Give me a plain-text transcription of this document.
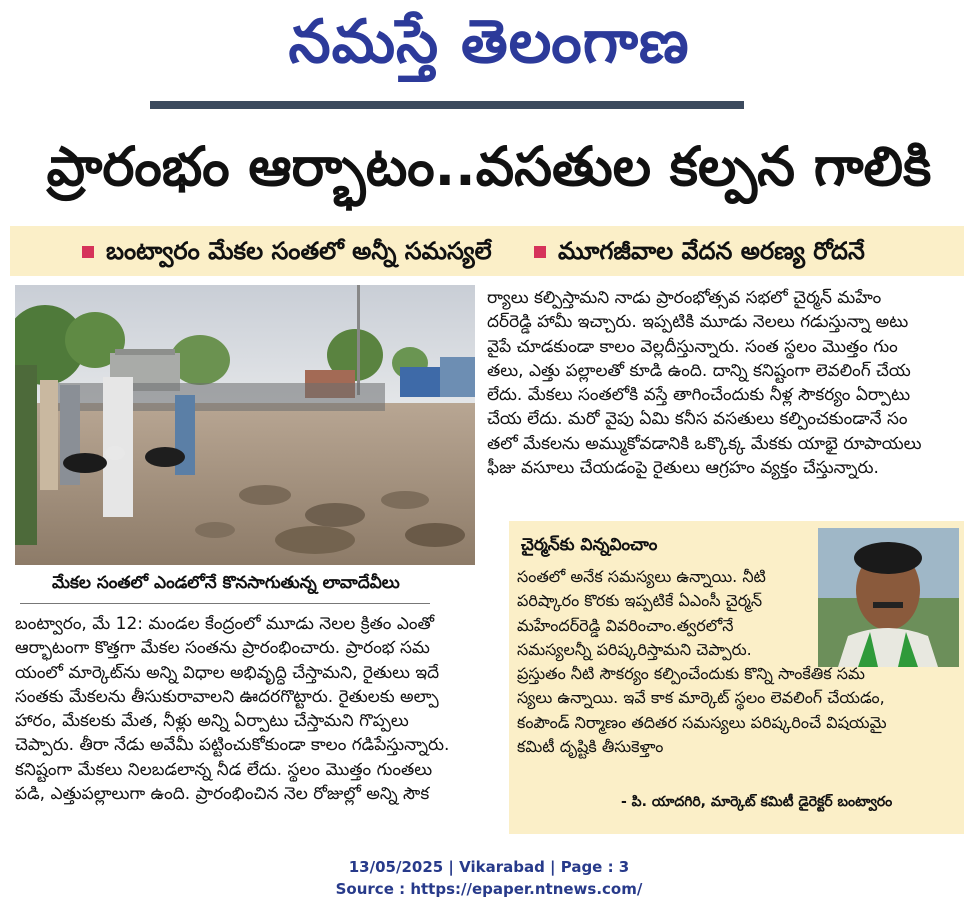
నమస్తే తెలంగాణ
ప్రారంభం ఆర్భాటం..వసతుల కల్పన గాలికి
బంట్వారం మేకల సంతలో అన్నీ సమస్యలే	మూగజీవాల వేదన అరణ్య రోదనే
మేకల సంతలో ఎండలోనే కొనసాగుతున్న లావాదేవీలు
బంట్వారం, మే 12: మండల కేంద్రంలో మూడు నెలల క్రితం ఎంతో
ఆర్భాటంగా కొత్తగా మేకల సంతను ప్రారంభించారు. ప్రారంభ సమ
యంలో మార్కెట్‌ను అన్ని విధాల అభివృద్ధి చేస్తామని, రైతులు ఇదే
సంతకు మేకలను తీసుకురావాలని ఊదరగొట్టారు. రైతులకు అల్పా
హారం, మేకలకు మేత, నీళ్లు అన్ని ఏర్పాటు చేస్తామని గొప్పలు
చెప్పారు. తీరా నేడు అవేమీ పట్టించుకోకుండా కాలం గడిపేస్తున్నారు.
కనిష్టంగా మేకలు నిలబడలాన్న నీడ లేదు. స్థలం మొత్తం గుంతలు
పడి, ఎత్తుపల్లాలుగా ఉంది. ప్రారంభించిన నెల రోజుల్లో అన్ని సౌక
ర్యాలు కల్పిస్తామని నాడు ప్రారంభోత్సవ సభలో చైర్మన్ మహేం
దర్‌రెడ్డి హామీ ఇచ్చారు. ఇప్పటికి మూడు నెలలు గడుస్తున్నా అటు
వైపే చూడకుండా కాలం వెల్లదీస్తున్నారు. సంత స్థలం మొత్తం గుం
తలు, ఎత్తు పల్లాలతో కూడి ఉంది. దాన్ని కనిష్టంగా లెవలింగ్ చేయ
లేదు. మేకలు సంతలోకి వస్తే తాగించేందుకు నీళ్ల సౌకర్యం ఏర్పాటు
చేయ లేదు. మరో వైపు ఏమి కనీస వసతులు కల్పించకుండానే సం
తలో మేకలను అమ్ముకోవడానికి ఒక్కొక్క మేకకు యాభై రూపాయలు
ఫీజు వసూలు చేయడంపై రైతులు ఆగ్రహం వ్యక్తం చేస్తున్నారు.
చైర్మన్‌కు విన్నవించాం
సంతలో అనేక సమస్యలు ఉన్నాయి. నీటి
పరిష్కారం కొరకు ఇప్పటికే ఏఎంసీ చైర్మన్
మహేందర్‌రెడ్డి వివరించాం.త్వరలోనే
సమస్యలన్నీ పరిష్కరిస్తామని చెప్పారు.
ప్రస్తుతం నీటి సౌకర్యం కల్పించేందుకు కొన్ని సాంకేతిక సమ
స్యలు ఉన్నాయి. ఇవే కాక మార్కెట్ స్థలం లెవలింగ్ చేయడం,
కంపౌండ్ నిర్మాణం తదితర సమస్యలు పరిష్కరించే విషయమై
కమిటీ దృష్టికి తీసుకెళ్తాం
- పి. యాదగిరి, మార్కెట్ కమిటీ డైరెక్టర్ బంట్వారం
13/05/2025 | Vikarabad | Page : 3
Source : https://epaper.ntnews.com/
